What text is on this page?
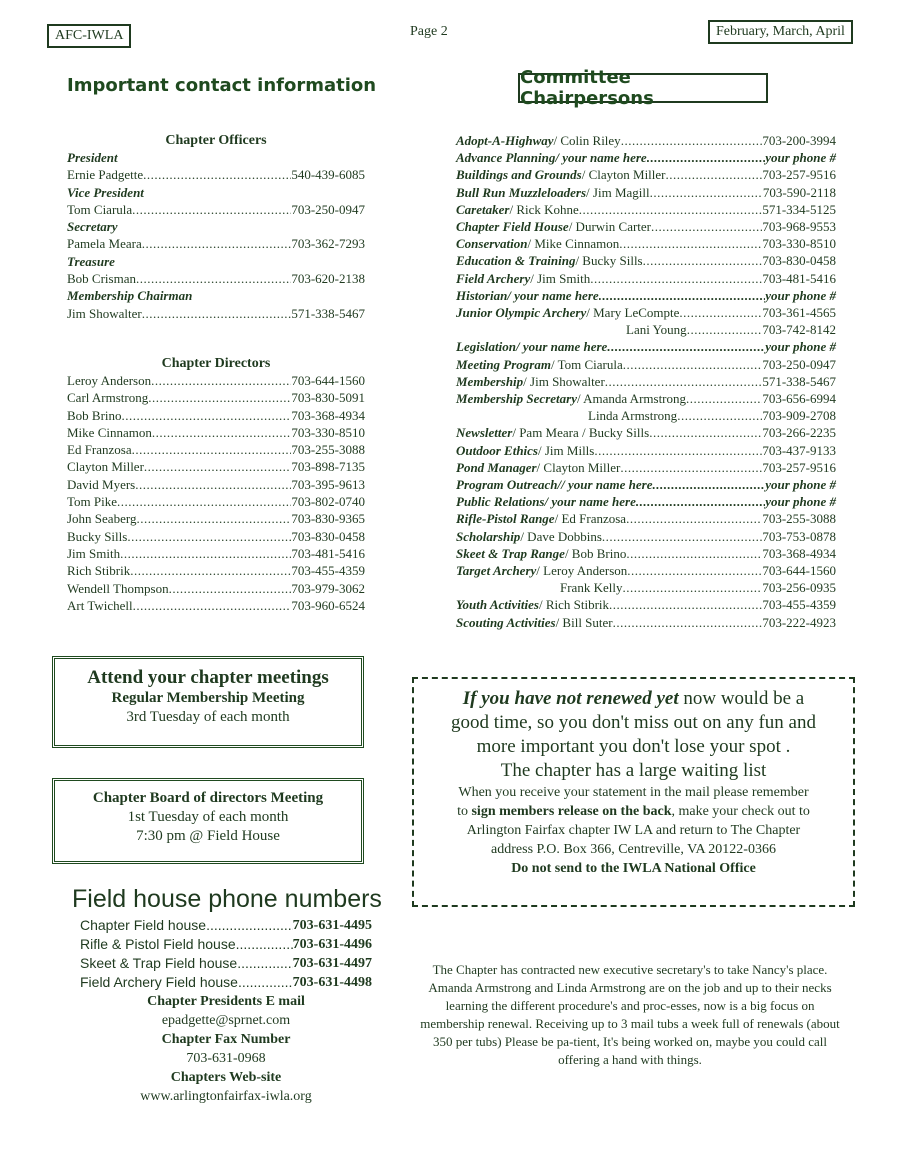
AFC-IWLA	Page 2	February, March, April
Important contact information
Chapter Officers
President
Ernie Padgette .....	540-439-6085
Vice President
Tom Ciarula .....	703-250-0947
Secretary
Pamela Meara .....	703-362-7293
Treasure
Bob Crisman .....	703-620-2138
Membership Chairman
Jim Showalter .....	571-338-5467
Chapter Directors
Leroy Anderson .....	703-644-1560
Carl Armstrong .....	703-830-5091
Bob Brino .....	703-368-4934
Mike Cinnamon .....	703-330-8510
Ed Franzosa .....	703-255-3088
Clayton Miller .....	703-898-7135
David Myers .....	703-395-9613
Tom Pike .....	703-802-0740
John Seaberg .....	703-830-9365
Bucky Sills .....	703-830-0458
Jim Smith .....	703-481-5416
Rich Stibrik .....	703-455-4359
Wendell Thompson .....	703-979-3062
Art Twichell .....	703-960-6524
Committee Chairpersons
Adopt-A-Highway / Colin Riley .....	703-200-3994
Advance Planning / your name here .....	your phone #
Buildings and Grounds / Clayton Miller .....	703-257-9516
Bull Run Muzzleloaders / Jim Magill .....	703-590-2118
Caretaker / Rick Kohne .....	571-334-5125
Chapter Field House / Durwin Carter .....	703-968-9553
Conservation / Mike Cinnamon .....	703-330-8510
Education & Training / Bucky Sills .....	703-830-0458
Field Archery / Jim Smith .....	703-481-5416
Historian / your name here .....	your phone #
Junior Olympic Archery / Mary LeCompte .....	703-361-4565
Lani Young .....	703-742-8142
Legislation / your name here .....	your phone #
Meeting Program / Tom Ciarula .....	703-250-0947
Membership / Jim Showalter .....	571-338-5467
Membership Secretary / Amanda Armstrong .....	703-656-6994
Linda Armstrong .....	703-909-2708
Newsletter / Pam Meara / Bucky Sills .....	703-266-2235
Outdoor Ethics / Jim Mills .....	703-437-9133
Pond Manager / Clayton Miller .....	703-257-9516
Program Outreach // your name here .....	your phone #
Public Relations / your name here .....	your phone #
Rifle-Pistol Range / Ed Franzosa .....	703-255-3088
Scholarship / Dave Dobbins .....	703-753-0878
Skeet & Trap Range / Bob Brino .....	703-368-4934
Target Archery / Leroy Anderson .....	703-644-1560
Frank Kelly .....	703-256-0935
Youth Activities / Rich Stibrik .....	703-455-4359
Scouting Activities / Bill Suter .....	703-222-4923
Attend your chapter meetings
Regular Membership Meeting
3rd Tuesday of each month
Chapter Board of directors Meeting
1st Tuesday of each month
7:30 pm @ Field House
If you have not renewed yet now would be a
good time, so you don't miss out on any fun and
more important you don't lose your spot .
The chapter has a large waiting list
When you receive your statement in the mail please remember
to sign members release on the back, make your check out to
Arlington Fairfax chapter IW LA and return to The Chapter
address P.O. Box 366, Centreville, VA 20122-0366
Do not send to the IWLA National Office
Field house phone numbers
Chapter Field house .....	703-631-4495
Rifle & Pistol Field house .....	703-631-4496
Skeet & Trap Field house .....	703-631-4497
Field Archery Field house .....	703-631-4498
Chapter Presidents E mail
epadgette@sprnet.com
Chapter Fax Number
703-631-0968
Chapters Web-site
www.arlingtonfairfax-iwla.org
The Chapter has contracted new executive secretary's to take Nancy's place. Amanda Armstrong and Linda Armstrong are on the job and up to their necks learning the different procedure's and proc-esses, now is a big focus on membership renewal. Receiving up to 3 mail tubs a week full of renewals (about 350 per tubs) Please be pa-tient, It's being worked on, maybe you could call offering a hand with things.
